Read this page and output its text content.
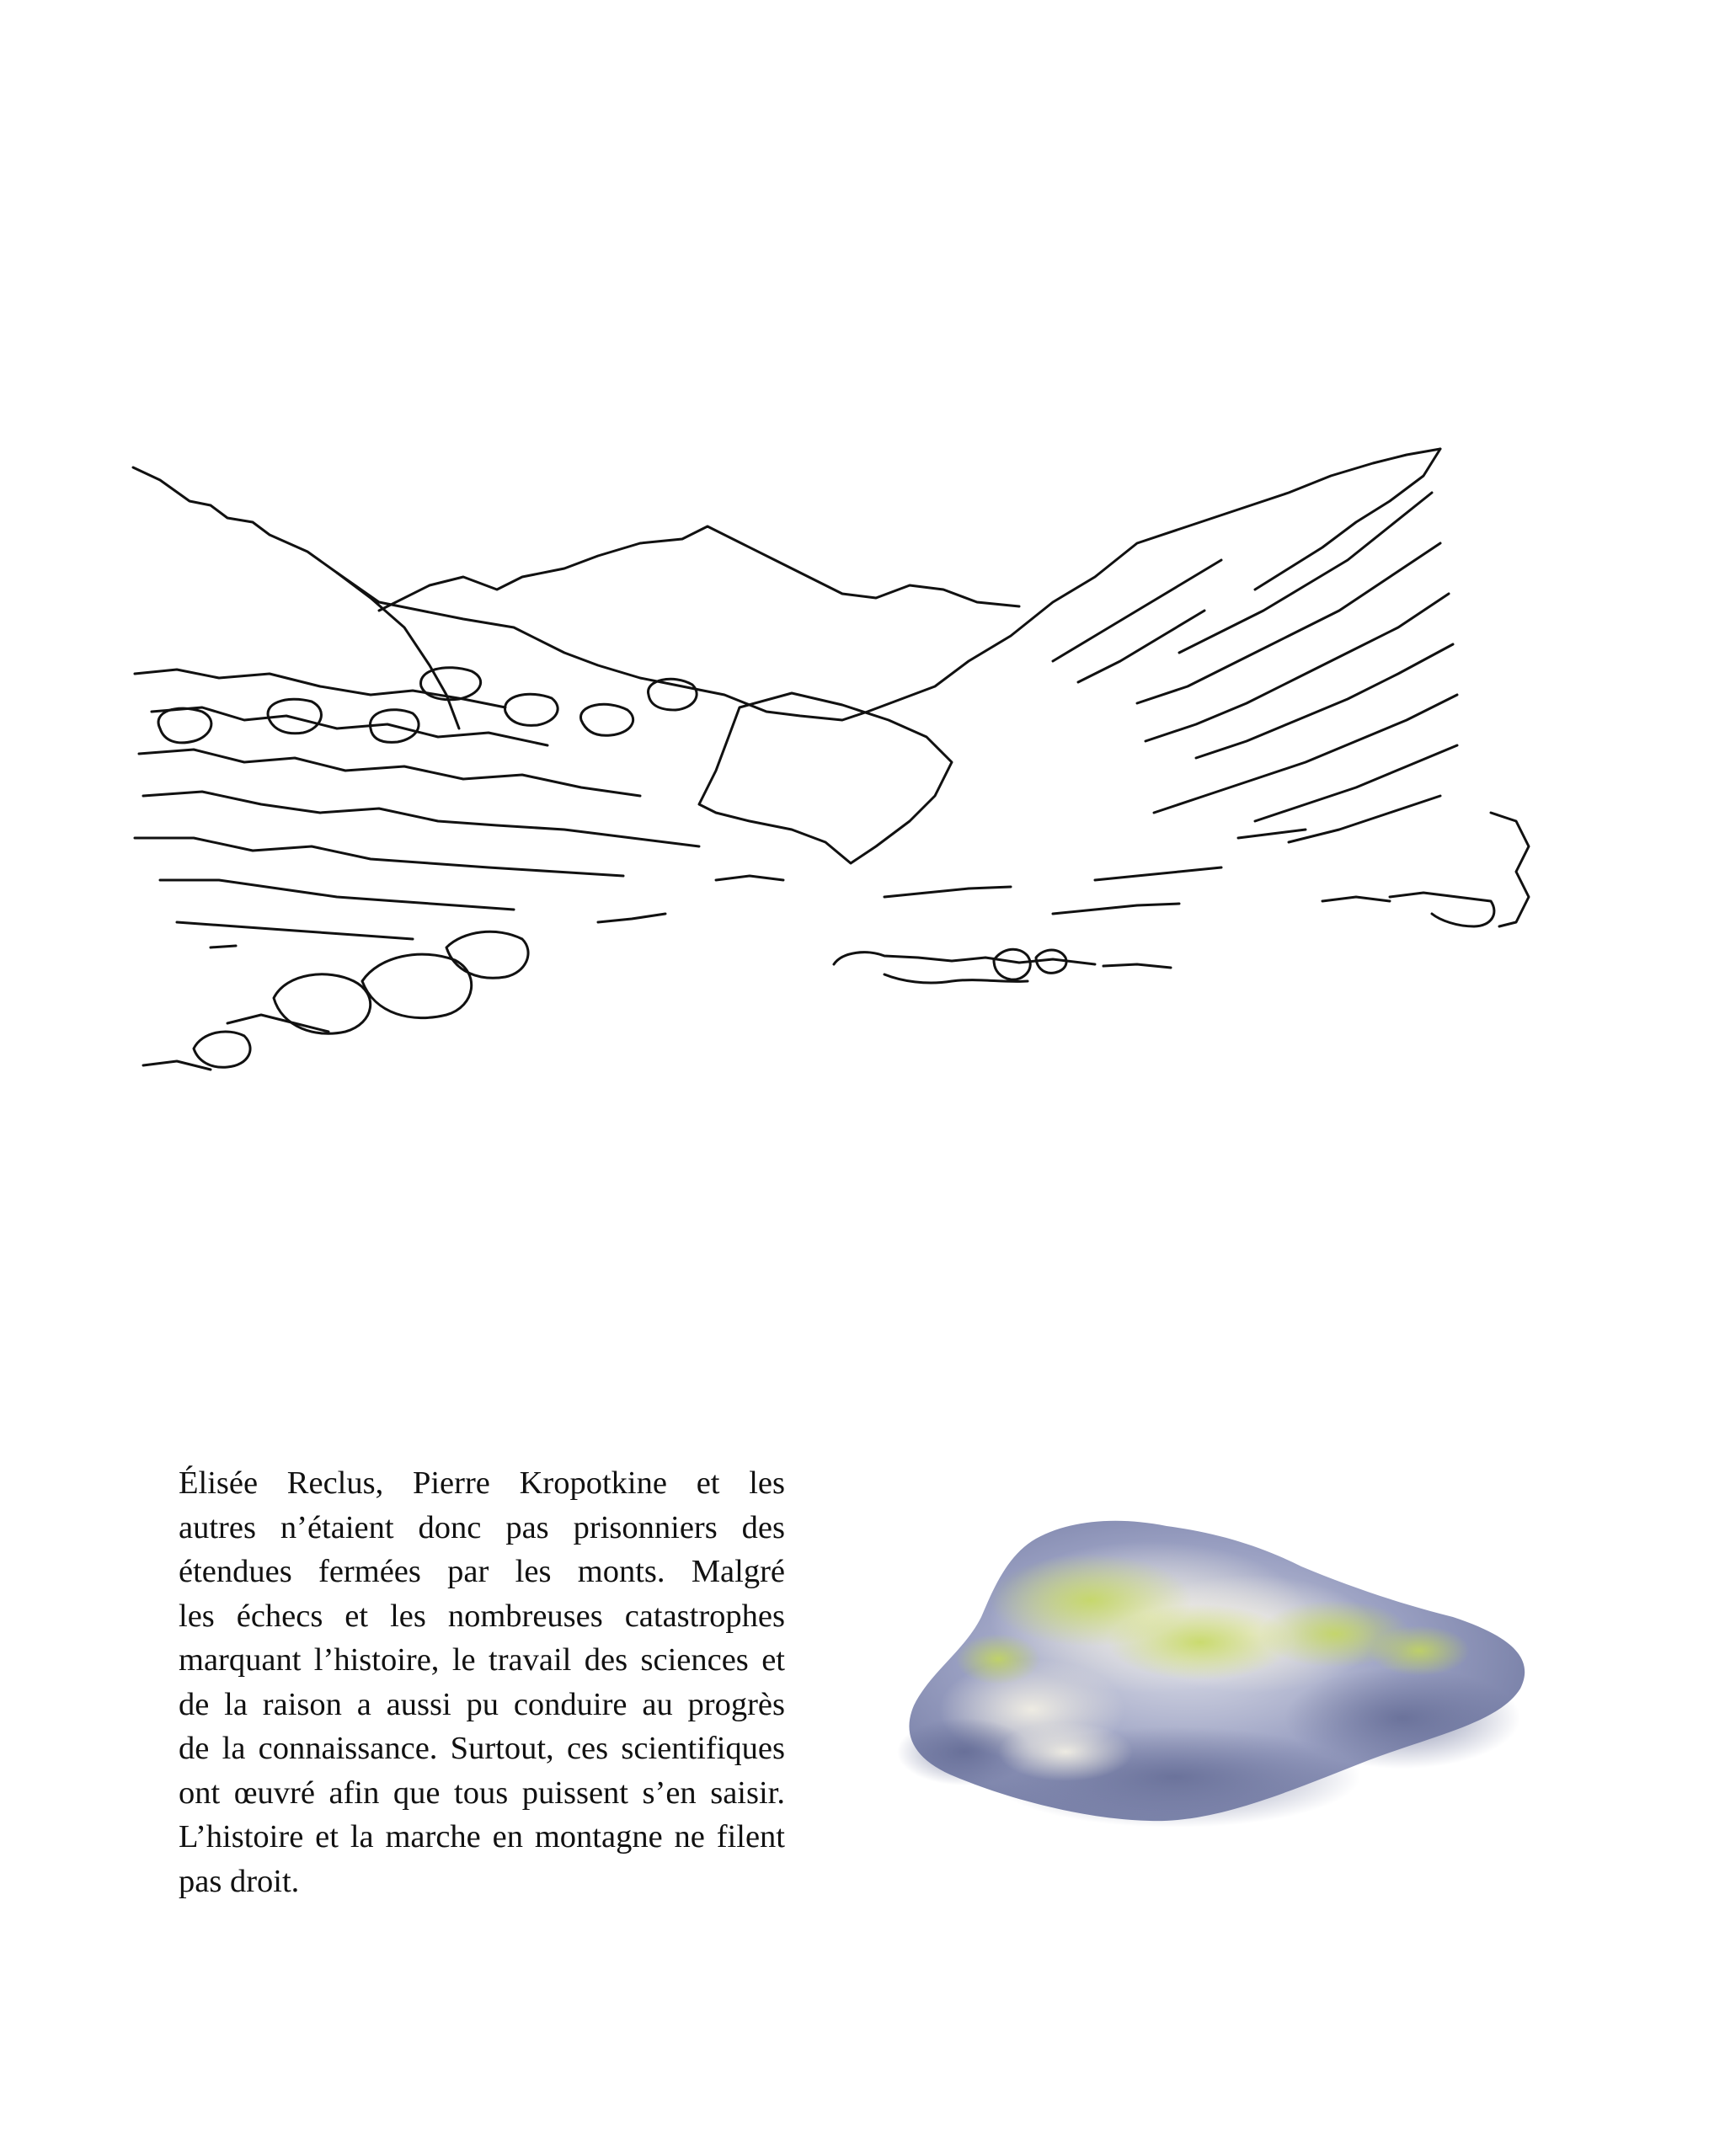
Élisée Reclus, Pierre Kropotkine et les
autres n’étaient donc pas prisonniers des
étendues fermées par les monts. Malgré
les échecs et les nombreuses catastrophes
marquant l’histoire, le travail des sciences et
de la raison a aussi pu conduire au progrès
de la connaissance. Surtout, ces scientifiques
ont œuvré afin que tous puissent s’en saisir.
L’histoire et la marche en montagne ne filent
pas droit.
